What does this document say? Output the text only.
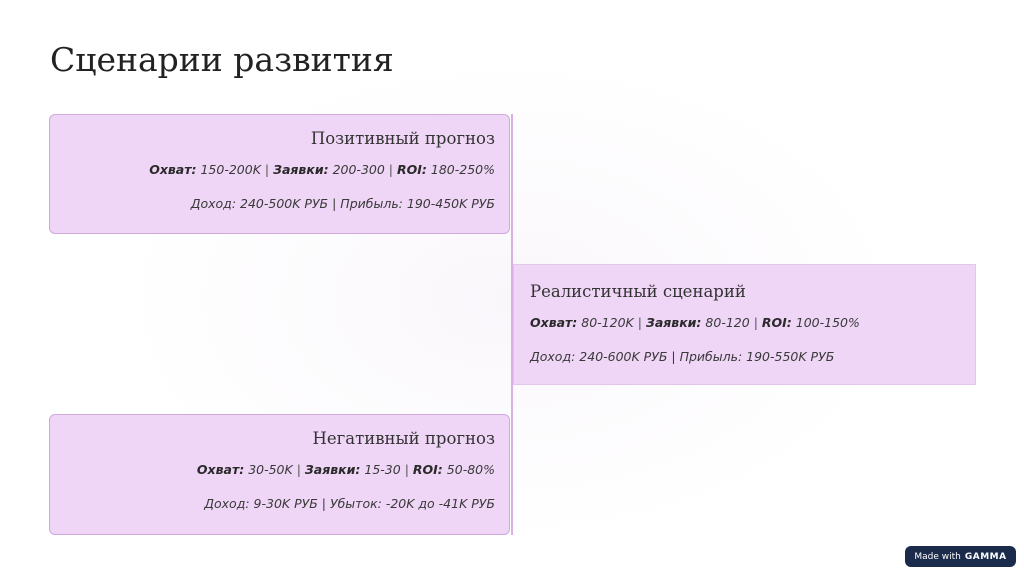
Сценарии развития
Позитивный прогноз
Охват: 150-200K | Заявки: 200-300 | ROI: 180-250%
Доход: 240-500K РУБ | Прибыль: 190-450K РУБ
Реалистичный сценарий
Охват: 80-120K | Заявки: 80-120 | ROI: 100-150%
Доход: 240-600K РУБ | Прибыль: 190-550K РУБ
Негативный прогноз
Охват: 30-50K | Заявки: 15-30 | ROI: 50-80%
Доход: 9-30K РУБ | Убыток: -20K до -41K РУБ
Made with GAMMA
